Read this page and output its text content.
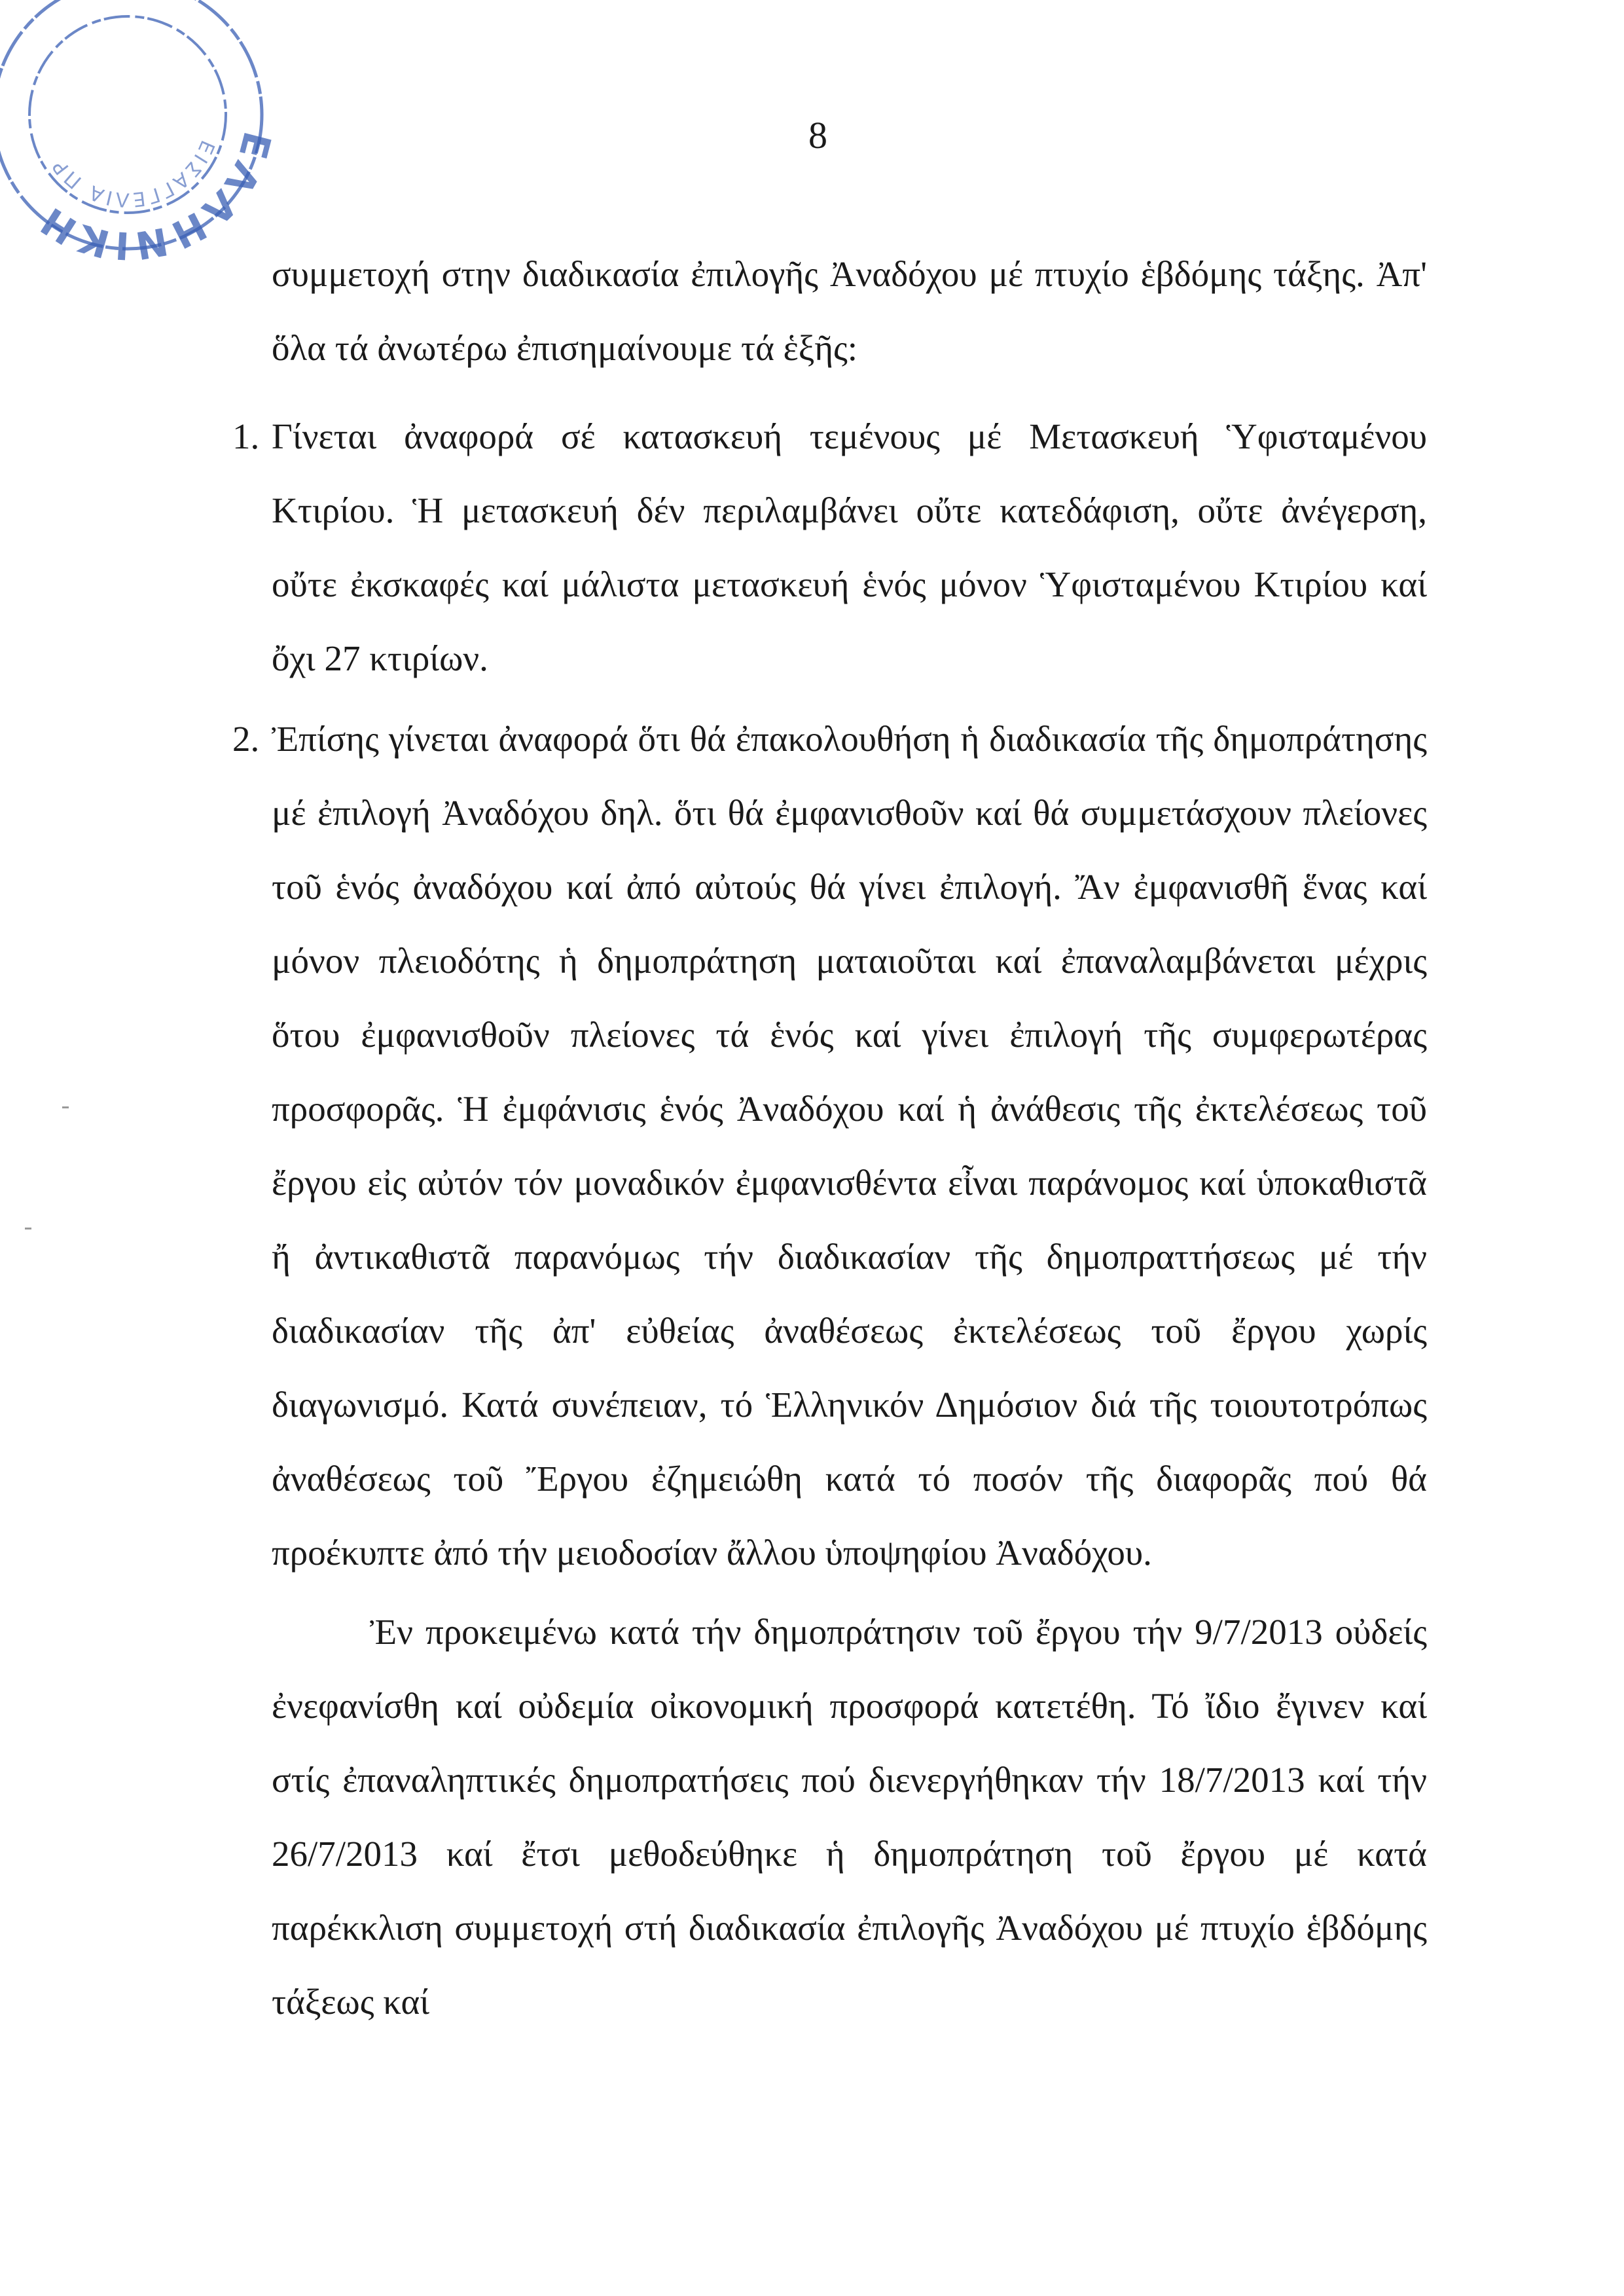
ΕΛΛΗΝΙΚΗ
ΕΙΣΑΓΓΕΛΙΑ ΠΡ
8

συμμετοχή στην διαδικασία ἐπιλογῆς Ἀναδόχου μέ πτυχίο ἑβδόμης τάξης. Ἀπ' ὅλα τά ἀνωτέρω ἐπισημαίνουμε τά ἑξῆς:

1. Γίνεται ἀναφορά σέ κατασκευή τεμένους μέ Μετασκευή Ὑφισταμένου Κτιρίου. Ἡ μετασκευή δέν περιλαμβάνει οὔτε κατεδάφιση, οὔτε ἀνέγερση, οὔτε ἐκσκαφές καί μάλιστα μετασκευή ἑνός μόνον Ὑφισταμένου Κτιρίου καί ὄχι 27 κτιρίων.
2. Ἐπίσης γίνεται ἀναφορά ὅτι θά ἐπακολουθήση ἡ διαδικασία τῆς δημοπράτησης μέ ἐπιλογή Ἀναδόχου δηλ. ὅτι θά ἐμφανισθοῦν καί θά συμμετάσχουν πλείονες τοῦ ἑνός ἀναδόχου καί ἀπό αὐτούς θά γίνει ἐπιλογή. Ἄν ἐμφανισθῆ ἕνας καί μόνον πλειοδότης ἡ δημοπράτηση ματαιοῦται καί ἐπαναλαμβάνεται μέχρις ὅτου ἐμφανισθοῦν πλείονες τά ἑνός καί γίνει ἐπιλογή τῆς συμφερωτέρας προσφορᾶς. Ἡ ἐμφάνισις ἑνός Ἀναδόχου καί ἡ ἀνάθεσις τῆς ἐκτελέσεως τοῦ ἔργου εἰς αὐτόν τόν μοναδικόν ἐμφανισθέντα εἶναι παράνομος καί ὑποκαθιστᾶ ἤ ἀντικαθιστᾶ παρανόμως τήν διαδικασίαν τῆς δημοπραττήσεως μέ τήν διαδικασίαν τῆς ἀπ' εὐθείας ἀναθέσεως ἐκτελέσεως τοῦ ἔργου χωρίς διαγωνισμό. Κατά συνέπειαν, τό Ἑλληνικόν Δημόσιον διά τῆς τοιουτοτρόπως ἀναθέσεως τοῦ Ἔργου ἐζημειώθη κατά τό ποσόν τῆς διαφορᾶς πού θά προέκυπτε ἀπό τήν μειοδοσίαν ἄλλου ὑποψηφίου Ἀναδόχου.

Ἐν προκειμένω κατά τήν δημοπράτησιν τοῦ ἔργου τήν 9/7/2013 οὐδείς ἐνεφανίσθη καί οὐδεμία οἰκονομική προσφορά κατετέθη. Τό ἴδιο ἔγινεν καί στίς ἐπαναληπτικές δημοπρατήσεις πού διενεργήθηκαν τήν 18/7/2013 καί τήν 26/7/2013 καί ἔτσι μεθοδεύθηκε ἡ δημοπράτηση τοῦ ἔργου μέ κατά παρέκκλιση συμμετοχή στή διαδικασία ἐπιλογῆς Ἀναδόχου μέ πτυχίο ἑβδόμης τάξεως καί
